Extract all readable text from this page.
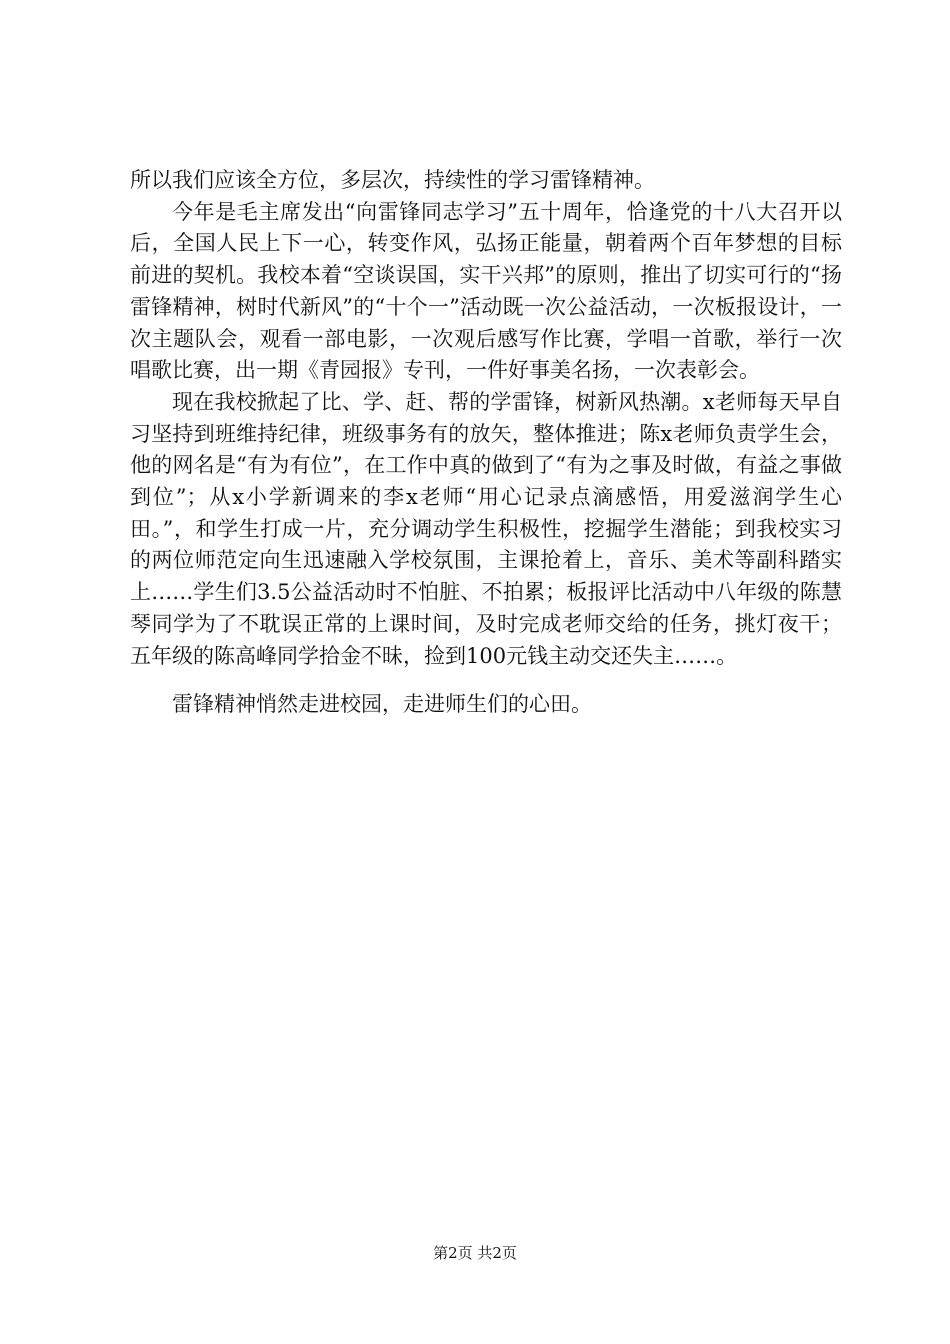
所以我们应该全方位，多层次，持续性的学习雷锋精神。

今年是毛主席发出“向雷锋同志学习”五十周年，恰逢党的十八大召开以后，全国人民上下一心，转变作风，弘扬正能量，朝着两个百年梦想的目标前进的契机。我校本着“空谈误国，实干兴邦”的原则，推出了切实可行的“扬雷锋精神，树时代新风”的“十个一”活动既一次公益活动，一次板报设计，一次主题队会，观看一部电影，一次观后感写作比赛，学唱一首歌，举行一次唱歌比赛，出一期《青园报》专刊，一件好事美名扬，一次表彰会。

现在我校掀起了比、学、赶、帮的学雷锋，树新风热潮。x老师每天早自习坚持到班维持纪律，班级事务有的放矢，整体推进；陈x老师负责学生会，他的网名是“有为有位”，在工作中真的做到了“有为之事及时做，有益之事做到位”；从x小学新调来的李x老师“用心记录点滴感悟，用爱滋润学生心田。”，和学生打成一片，充分调动学生积极性，挖掘学生潜能；到我校实习的两位师范定向生迅速融入学校氛围，主课抢着上，音乐、美术等副科踏实上……学生们3.5公益活动时不怕脏、不拍累；板报评比活动中八年级的陈慧琴同学为了不耽误正常的上课时间，及时完成老师交给的任务，挑灯夜干；五年级的陈高峰同学拾金不昧，捡到100元钱主动交还失主……。

雷锋精神悄然走进校园，走进师生们的心田。

第2页 共2页
